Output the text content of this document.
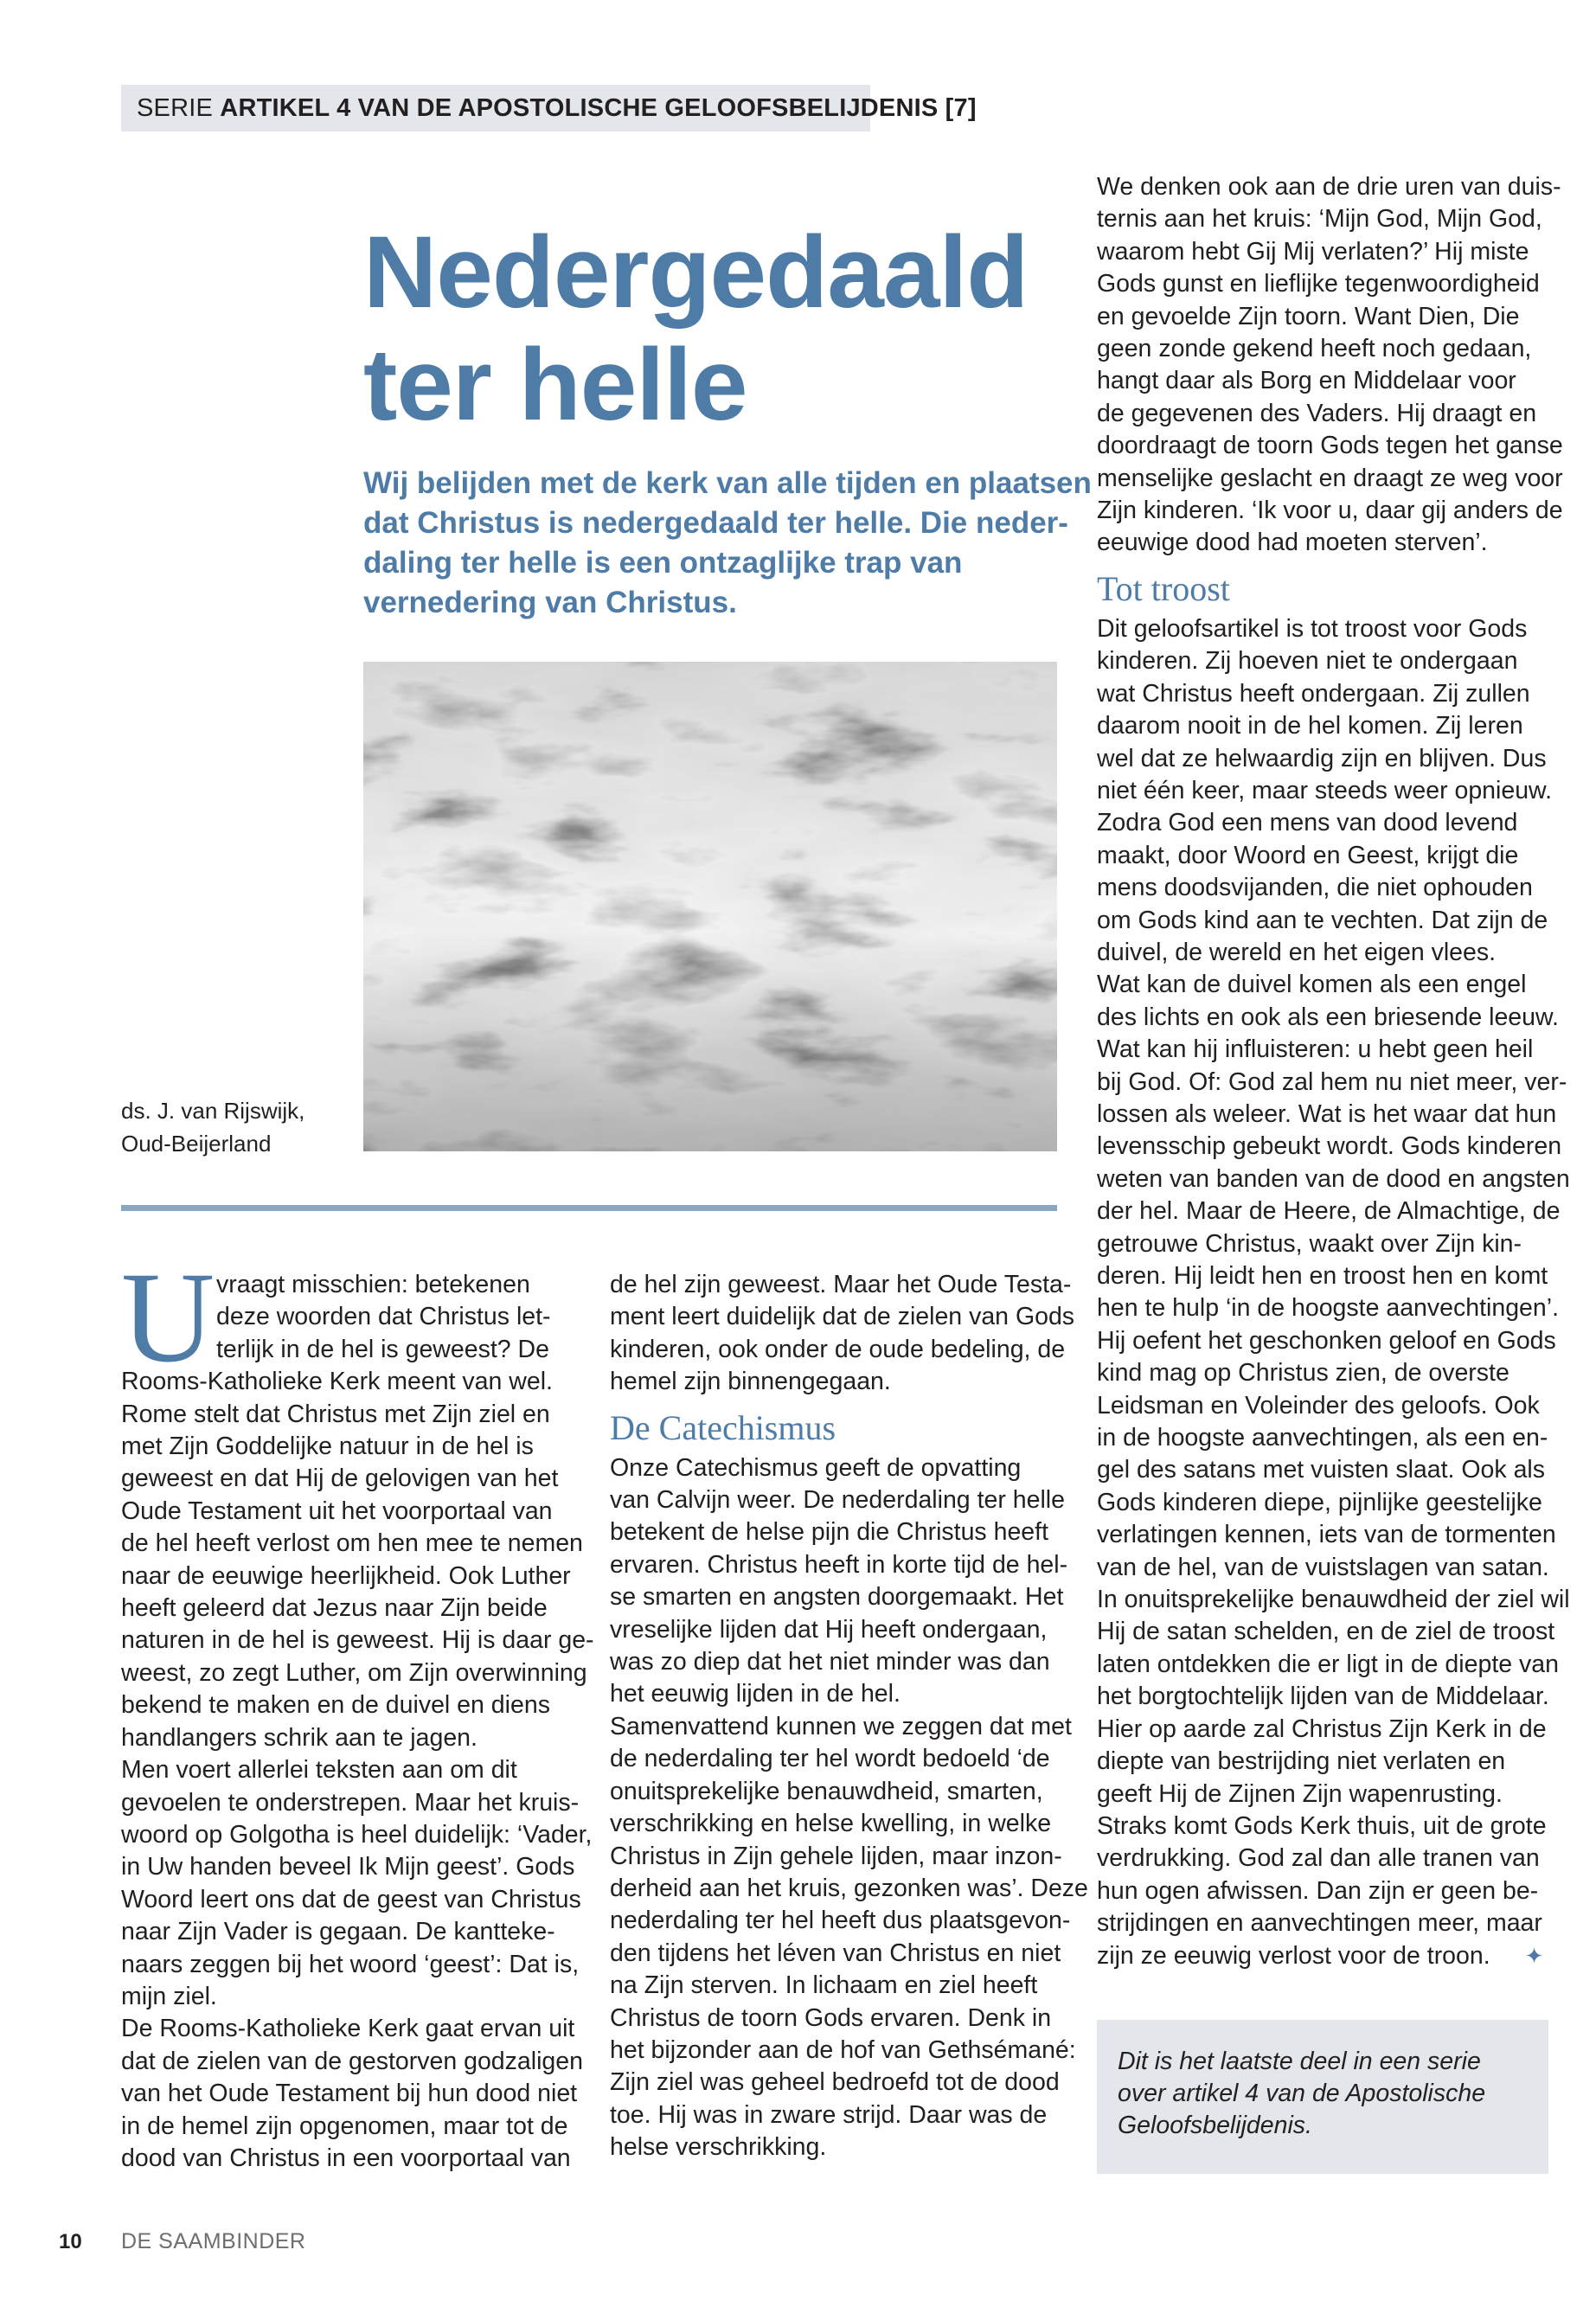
SERIE ARTIKEL 4 VAN DE APOSTOLISCHE GELOOFSBELIJDENIS [7]
Nedergedaald
ter helle

Wij belijden met de kerk van alle tijden en plaatsen
dat Christus is nedergedaald ter helle. Die neder-
daling ter helle is een ontzaglijke trap van
vernedering van Christus.

ds. J. van Rijswijk,
Oud-Beijerland
U vraagt misschien: betekenen
deze woorden dat Christus let-
terlijk in de hel is geweest? De
Rooms-Katholieke Kerk meent van wel.
Rome stelt dat Christus met Zijn ziel en
met Zijn Goddelijke natuur in de hel is
geweest en dat Hij de gelovigen van het
Oude Testament uit het voorportaal van
de hel heeft verlost om hen mee te nemen
naar de eeuwige heerlijkheid. Ook Luther
heeft geleerd dat Jezus naar Zijn beide
naturen in de hel is geweest. Hij is daar ge-
weest, zo zegt Luther, om Zijn overwinning
bekend te maken en de duivel en diens
handlangers schrik aan te jagen.
Men voert allerlei teksten aan om dit
gevoelen te onderstrepen. Maar het kruis-
woord op Golgotha is heel duidelijk: ‘Vader,
in Uw handen beveel Ik Mijn geest’. Gods
Woord leert ons dat de geest van Christus
naar Zijn Vader is gegaan. De kantteke-
naars zeggen bij het woord ‘geest’: Dat is,
mijn ziel.
De Rooms-Katholieke Kerk gaat ervan uit
dat de zielen van de gestorven godzaligen
van het Oude Testament bij hun dood niet
in de hemel zijn opgenomen, maar tot de
dood van Christus in een voorportaal van
de hel zijn geweest. Maar het Oude Testa-
ment leert duidelijk dat de zielen van Gods
kinderen, ook onder de oude bedeling, de
hemel zijn binnengegaan.
De Catechismus
Onze Catechismus geeft de opvatting
van Calvijn weer. De nederdaling ter helle
betekent de helse pijn die Christus heeft
ervaren. Christus heeft in korte tijd de hel-
se smarten en angsten doorgemaakt. Het
vreselijke lijden dat Hij heeft ondergaan,
was zo diep dat het niet minder was dan
het eeuwig lijden in de hel.
Samenvattend kunnen we zeggen dat met
de nederdaling ter hel wordt bedoeld ‘de
onuitsprekelijke benauwdheid, smarten,
verschrikking en helse kwelling, in welke
Christus in Zijn gehele lijden, maar inzon-
derheid aan het kruis, gezonken was’. Deze
nederdaling ter hel heeft dus plaatsgevon-
den tijdens het léven van Christus en niet
na Zijn sterven. In lichaam en ziel heeft
Christus de toorn Gods ervaren. Denk in
het bijzonder aan de hof van Gethsémané:
Zijn ziel was geheel bedroefd tot de dood
toe. Hij was in zware strijd. Daar was de
helse verschrikking.
We denken ook aan de drie uren van duis-
ternis aan het kruis: ‘Mijn God, Mijn God,
waarom hebt Gij Mij verlaten?’ Hij miste
Gods gunst en lieflijke tegenwoordigheid
en gevoelde Zijn toorn. Want Dien, Die
geen zonde gekend heeft noch gedaan,
hangt daar als Borg en Middelaar voor
de gegevenen des Vaders. Hij draagt en
doordraagt de toorn Gods tegen het ganse
menselijke geslacht en draagt ze weg voor
Zijn kinderen. ‘Ik voor u, daar gij anders de
eeuwige dood had moeten sterven’.
Tot troost
Dit geloofsartikel is tot troost voor Gods
kinderen. Zij hoeven niet te ondergaan
wat Christus heeft ondergaan. Zij zullen
daarom nooit in de hel komen. Zij leren
wel dat ze helwaardig zijn en blijven. Dus
niet één keer, maar steeds weer opnieuw.
Zodra God een mens van dood levend
maakt, door Woord en Geest, krijgt die
mens doodsvijanden, die niet ophouden
om Gods kind aan te vechten. Dat zijn de
duivel, de wereld en het eigen vlees.
Wat kan de duivel komen als een engel
des lichts en ook als een briesende leeuw.
Wat kan hij influisteren: u hebt geen heil
bij God. Of: God zal hem nu niet meer, ver-
lossen als weleer. Wat is het waar dat hun
levensschip gebeukt wordt. Gods kinderen
weten van banden van de dood en angsten
der hel. Maar de Heere, de Almachtige, de
getrouwe Christus, waakt over Zijn kin-
deren. Hij leidt hen en troost hen en komt
hen te hulp ‘in de hoogste aanvechtingen’.
Hij oefent het geschonken geloof en Gods
kind mag op Christus zien, de overste
Leidsman en Voleinder des geloofs. Ook
in de hoogste aanvechtingen, als een en-
gel des satans met vuisten slaat. Ook als
Gods kinderen diepe, pijnlijke geestelijke
verlatingen kennen, iets van de tormenten
van de hel, van de vuistslagen van satan.
In onuitsprekelijke benauwdheid der ziel wil
Hij de satan schelden, en de ziel de troost
laten ontdekken die er ligt in de diepte van
het borgtochtelijk lijden van de Middelaar.
Hier op aarde zal Christus Zijn Kerk in de
diepte van bestrijding niet verlaten en
geeft Hij de Zijnen Zijn wapenrusting.
Straks komt Gods Kerk thuis, uit de grote
verdrukking. God zal dan alle tranen van
hun ogen afwissen. Dan zijn er geen be-
strijdingen en aanvechtingen meer, maar
zijn ze eeuwig verlost voor de troon. ✦
Dit is het laatste deel in een serie
over artikel 4 van de Apostolische
Geloofsbelijdenis.
10 DE SAAMBINDER
